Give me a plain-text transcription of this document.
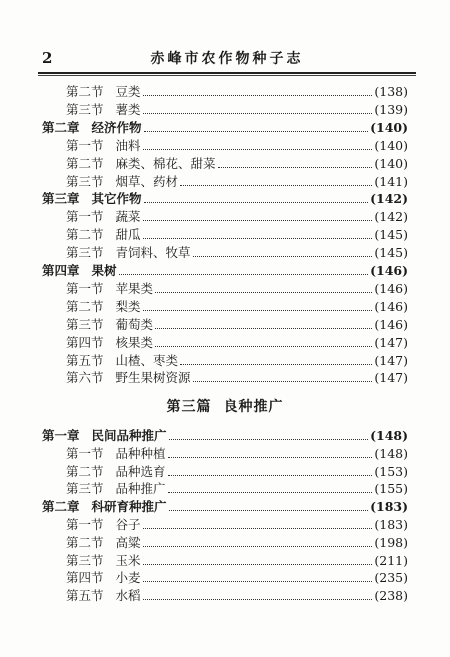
2	赤峰市农作物种子志
第二节 豆类	(138)
第三节 薯类	(139)
第二章 经济作物	(140)
第一节 油料	(140)
第二节 麻类、棉花、甜菜	(140)
第三节 烟草、药材	(141)
第三章 其它作物	(142)
第一节 蔬菜	(142)
第二节 甜瓜	(145)
第三节 青饲料、牧草	(145)
第四章 果树	(146)
第一节 苹果类	(146)
第二节 梨类	(146)
第三节 葡萄类	(146)
第四节 核果类	(147)
第五节 山楂、枣类	(147)
第六节 野生果树资源	(147)
第三篇 良种推广
第一章 民间品种推广	(148)
第一节 品种种植	(148)
第二节 品种选育	(153)
第三节 品种推广	(155)
第二章 科研育种推广	(183)
第一节 谷子	(183)
第二节 高粱	(198)
第三节 玉米	(211)
第四节 小麦	(235)
第五节 水稻	(238)
